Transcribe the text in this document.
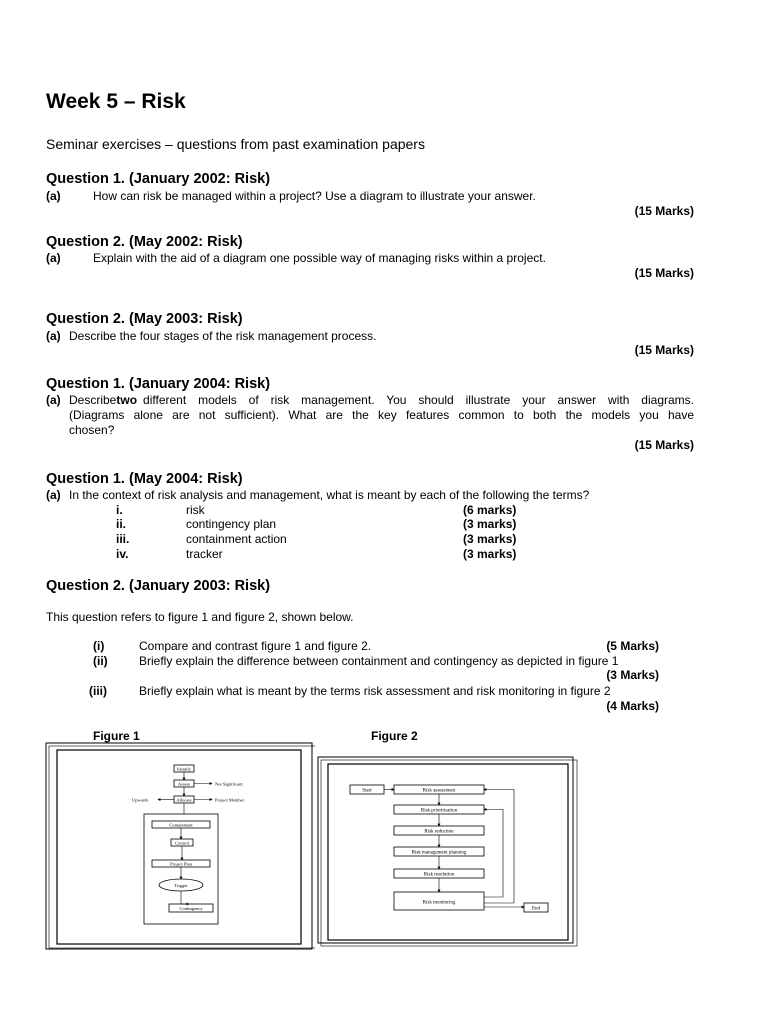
Week 5 – Risk
Seminar exercises – questions from past examination papers
Question 1. (January 2002: Risk)
(a)	How can risk be managed within a project? Use a diagram to illustrate your answer.
(15 Marks)
Question 2. (May 2002: Risk)
(a)	Explain with the aid of a diagram one possible way of managing risks within a project.
(15 Marks)
Question 2. (May 2003: Risk)
(a) Describe the four stages of the risk management process.
(15 Marks)
Question 1. (January 2004: Risk)
(a) Describe two different models of risk management. You should illustrate your answer with diagrams.
(Diagrams alone are not sufficient). What are the key features common to both the models you have
chosen?
(15 Marks)
Question 1. (May 2004: Risk)
(a) In the context of risk analysis and management, what is meant by each of the following the terms?
i.	risk	(6 marks)
ii.	contingency plan	(3 marks)
iii.	containment action	(3 marks)
iv.	tracker	(3 marks)
Question 2. (January 2003: Risk)
This question refers to figure 1 and figure 2, shown below.
(i)	Compare and contrast figure 1 and figure 2.	(5 Marks)
(ii)	Briefly explain the difference between containment and contingency as depicted in figure 1
(3 Marks)
(iii)	Briefly explain what is meant by the terms risk assessment and risk monitoring in figure 2
(4 Marks)
Figure 1	Figure 2
Identify
Assess	Not Significant
Allocate
Upwards	Project Member
Containment
Control
Project Plan
Trigger
Contingency
Start	Risk assessment
Risk prioritisation
Risk reduction
Risk management planning
Risk resolution
Risk monitoring
End
